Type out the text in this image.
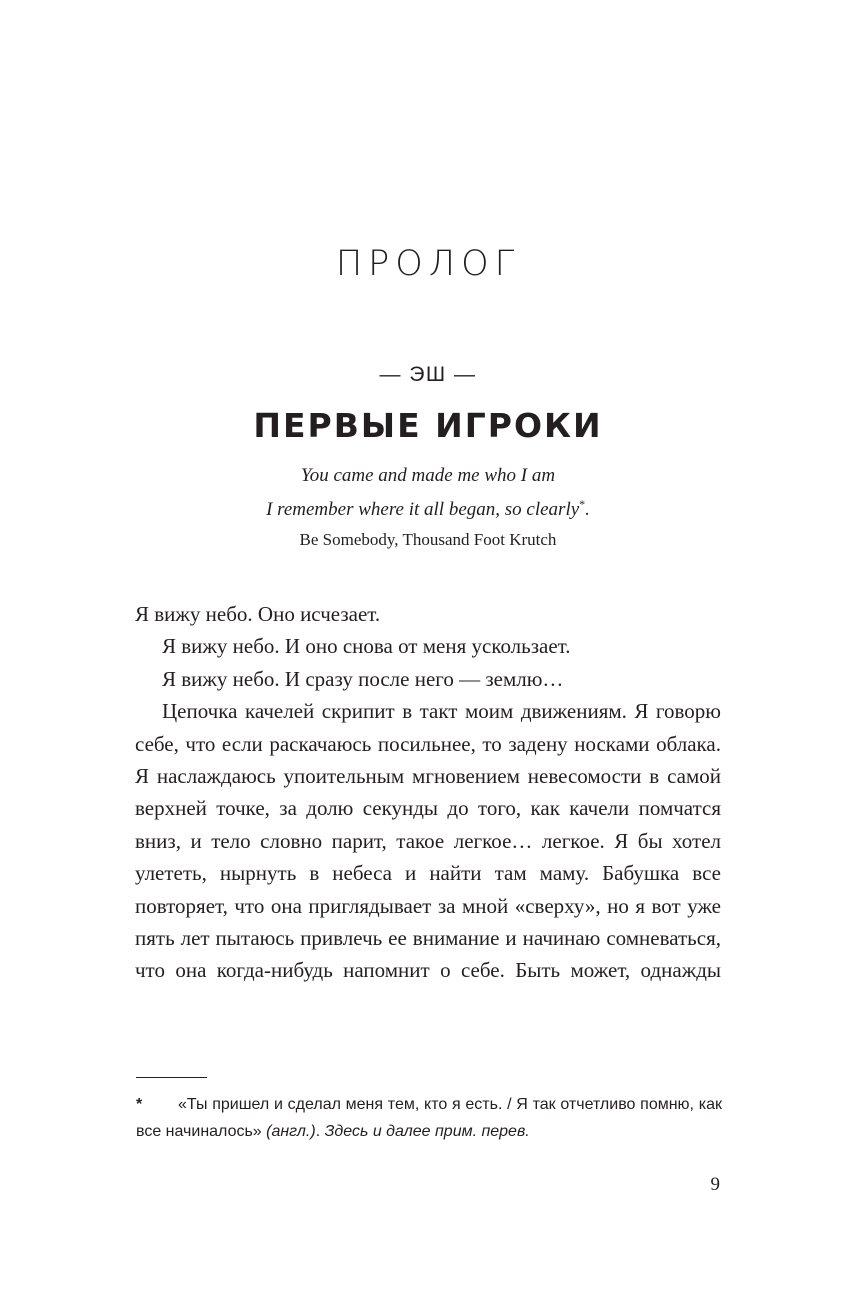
ПРОЛОГ
— ЭШ —
ПЕРВЫЕ ИГРОКИ
You came and made me who I am
I remember where it all began, so clearly*.
Be Somebody, Thousand Foot Krutch

Я вижу небо. Оно исчезает.

Я вижу небо. И оно снова от меня ускользает.

Я вижу небо. И сразу после него — землю…

Цепочка качелей скрипит в такт моим движениям. Я говорю себе, что если раскачаюсь посильнее, то задену носками облака. Я наслаждаюсь упоительным мгновением невесомости в самой верхней точке, за долю секунды до того, как качели помчатся вниз, и тело словно парит, такое легкое… легкое. Я бы хотел улететь, нырнуть в небеса и найти там маму. Бабушка все повторяет, что она приглядывает за мной «сверху», но я вот уже пять лет пытаюсь привлечь ее внимание и начинаю сомневаться, что она когда-нибудь напомнит о себе. Быть может, однажды

* «Ты пришел и сделал меня тем, кто я есть. / Я так отчетливо помню, как все начиналось» (англ.). Здесь и далее прим. перев.
9
